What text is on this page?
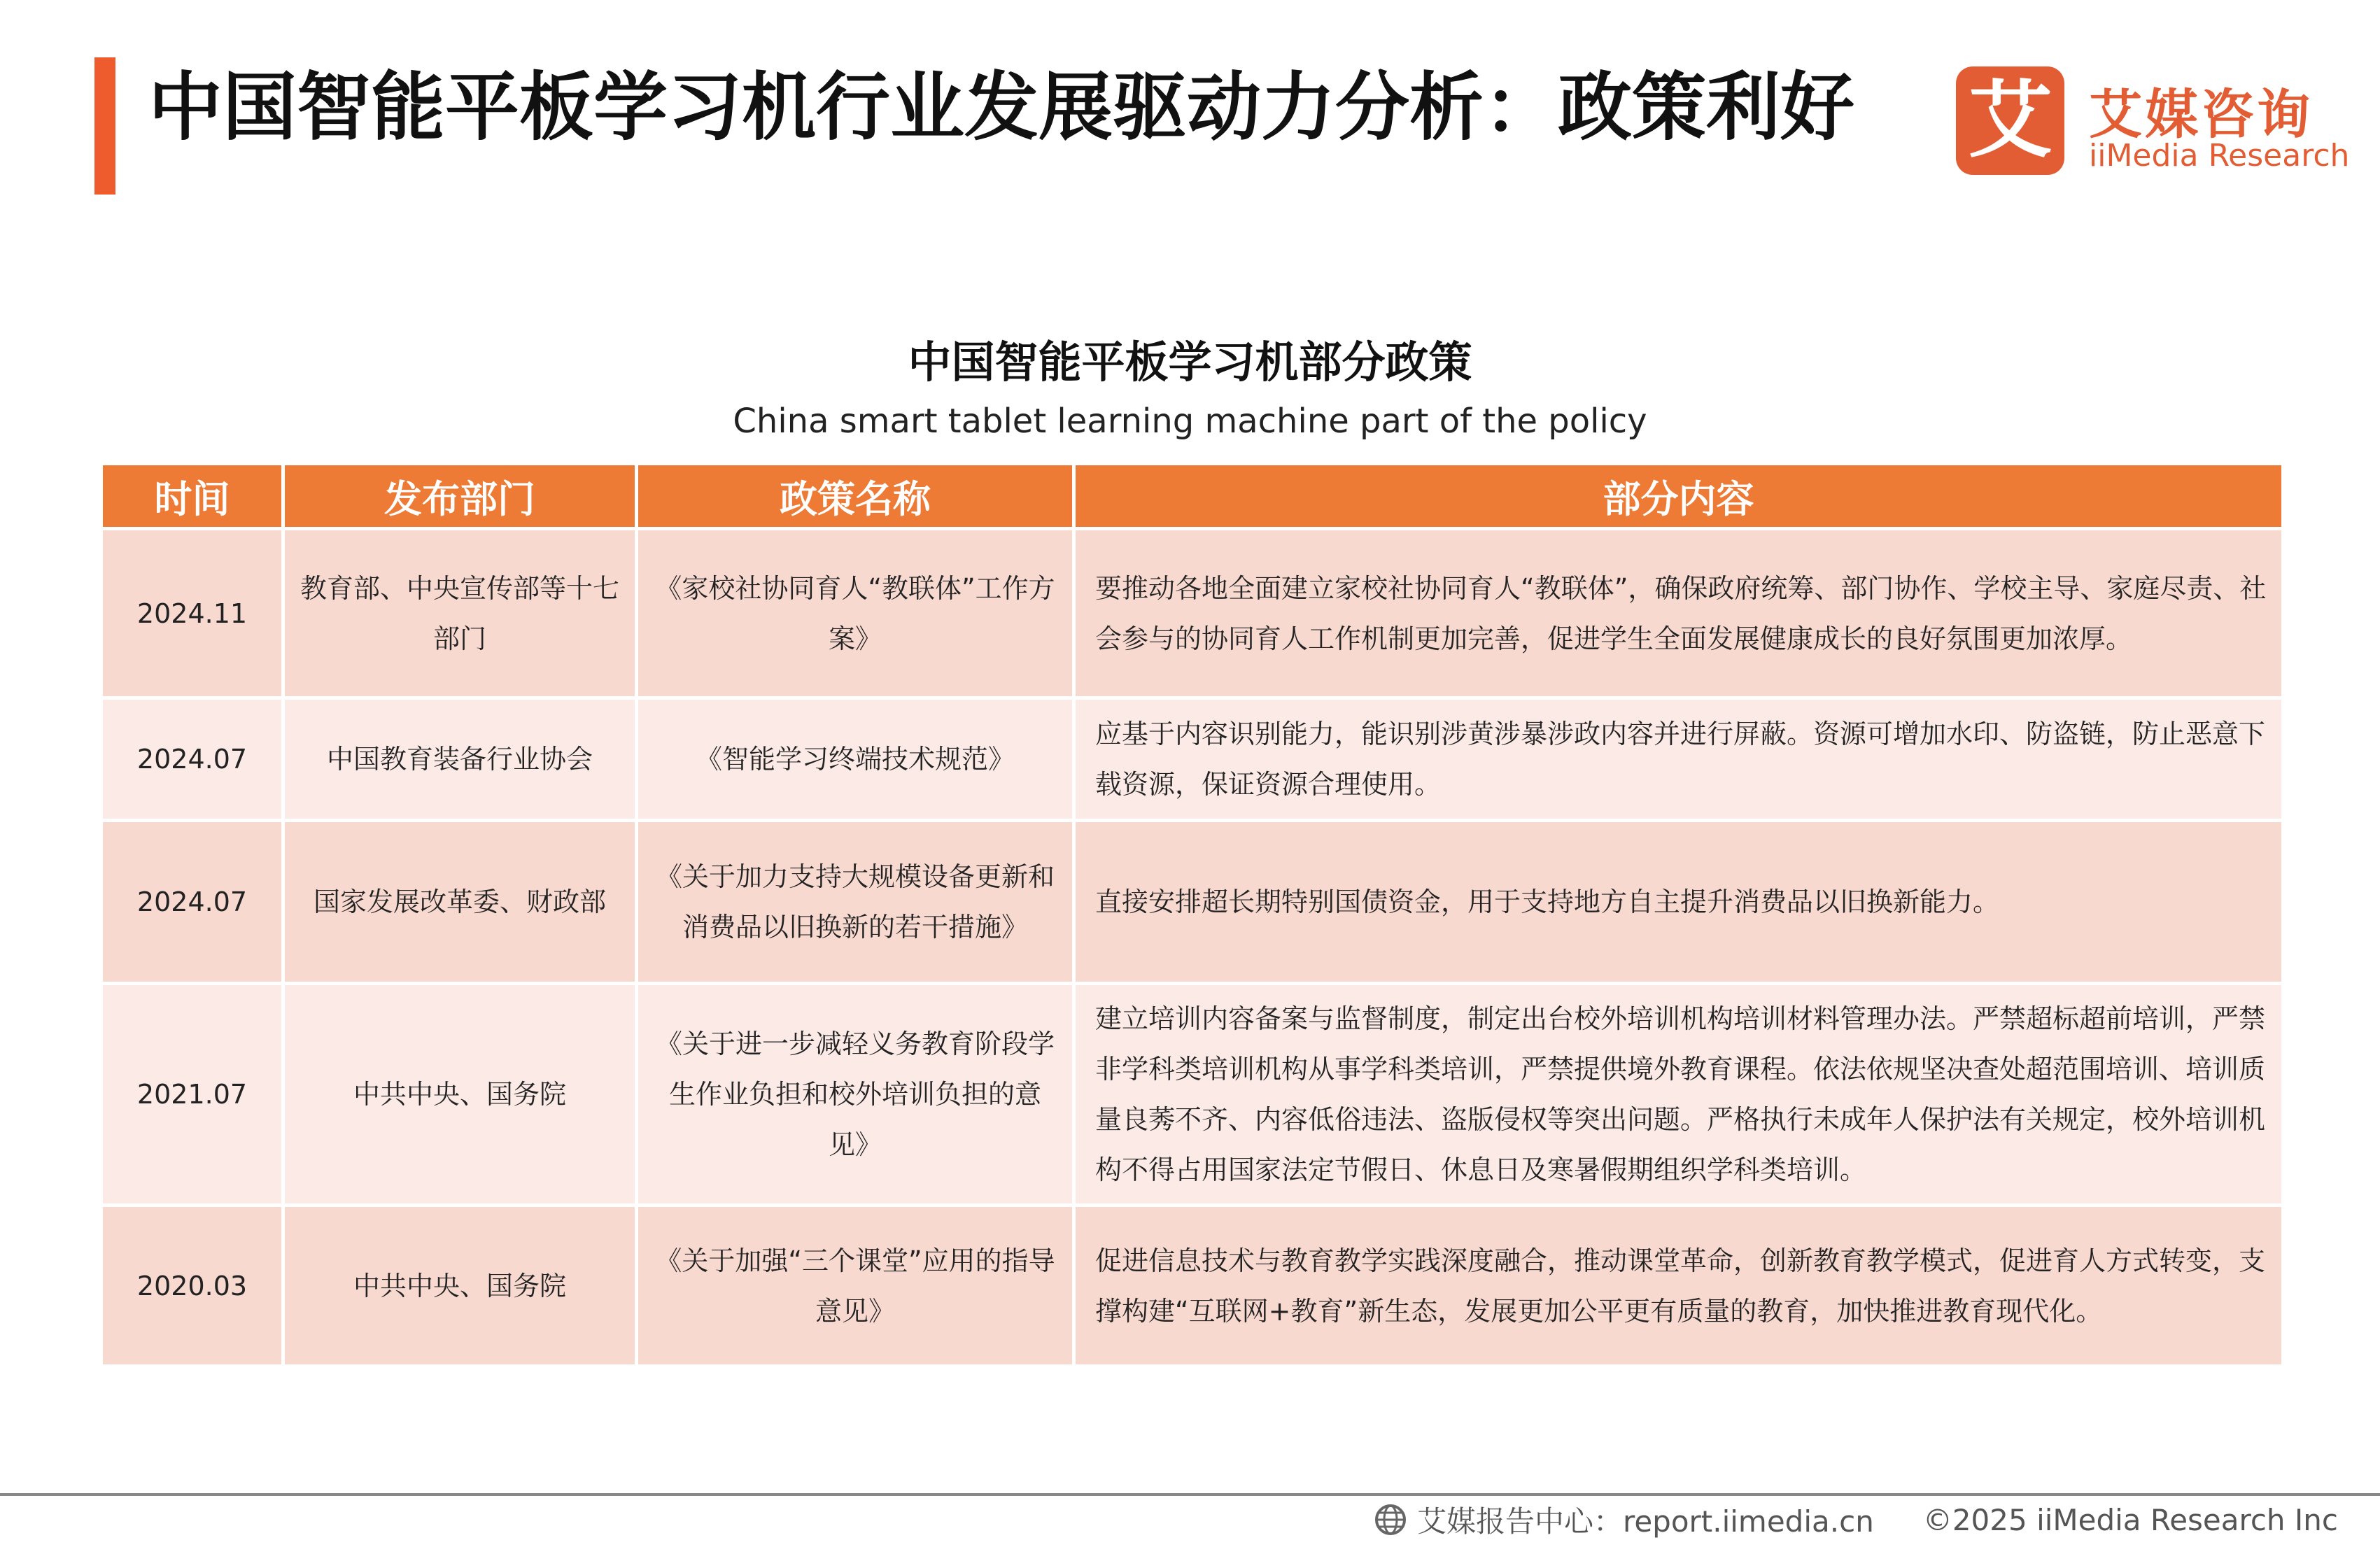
中国智能平板学习机行业发展驱动力分析：政策利好 艾 艾媒咨询
iiMedia Research
中国智能平板学习机部分政策
China smart tablet learning machine part of the policy
时间	发布部门	政策名称	部分内容
2024.11	教育部、中央宣传部等十七部门	《家校社协同育人“教联体”工作方案》	要推动各地全面建立家校社协同育人“教联体”，确保政府统筹、部门协作、学校主导、家庭尽责、社会参与的协同育人工作机制更加完善，促进学生全面发展健康成长的良好氛围更加浓厚。
2024.07	中国教育装备行业协会	《智能学习终端技术规范》	应基于内容识别能力，能识别涉黄涉暴涉政内容并进行屏蔽。资源可增加水印、防盗链，防止恶意下载资源，保证资源合理使用。
2024.07	国家发展改革委、财政部	《关于加力支持大规模设备更新和消费品以旧换新的若干措施》	直接安排超长期特别国债资金，用于支持地方自主提升消费品以旧换新能力。
2021.07	中共中央、国务院	《关于进一步减轻义务教育阶段学生作业负担和校外培训负担的意见》	建立培训内容备案与监督制度，制定出台校外培训机构培训材料管理办法。严禁超标超前培训，严禁非学科类培训机构从事学科类培训，严禁提供境外教育课程。依法依规坚决查处超范围培训、培训质量良莠不齐、内容低俗违法、盗版侵权等突出问题。严格执行未成年人保护法有关规定，校外培训机构不得占用国家法定节假日、休息日及寒暑假期组织学科类培训。
2020.03	中共中央、国务院	《关于加强“三个课堂”应用的指导意见》	促进信息技术与教育教学实践深度融合，推动课堂革命，创新教育教学模式，促进育人方式转变，支撑构建“互联网+教育”新生态，发展更加公平更有质量的教育，加快推进教育现代化。
艾媒报告中心：report.iimedia.cn ©2025 iiMedia Research Inc
